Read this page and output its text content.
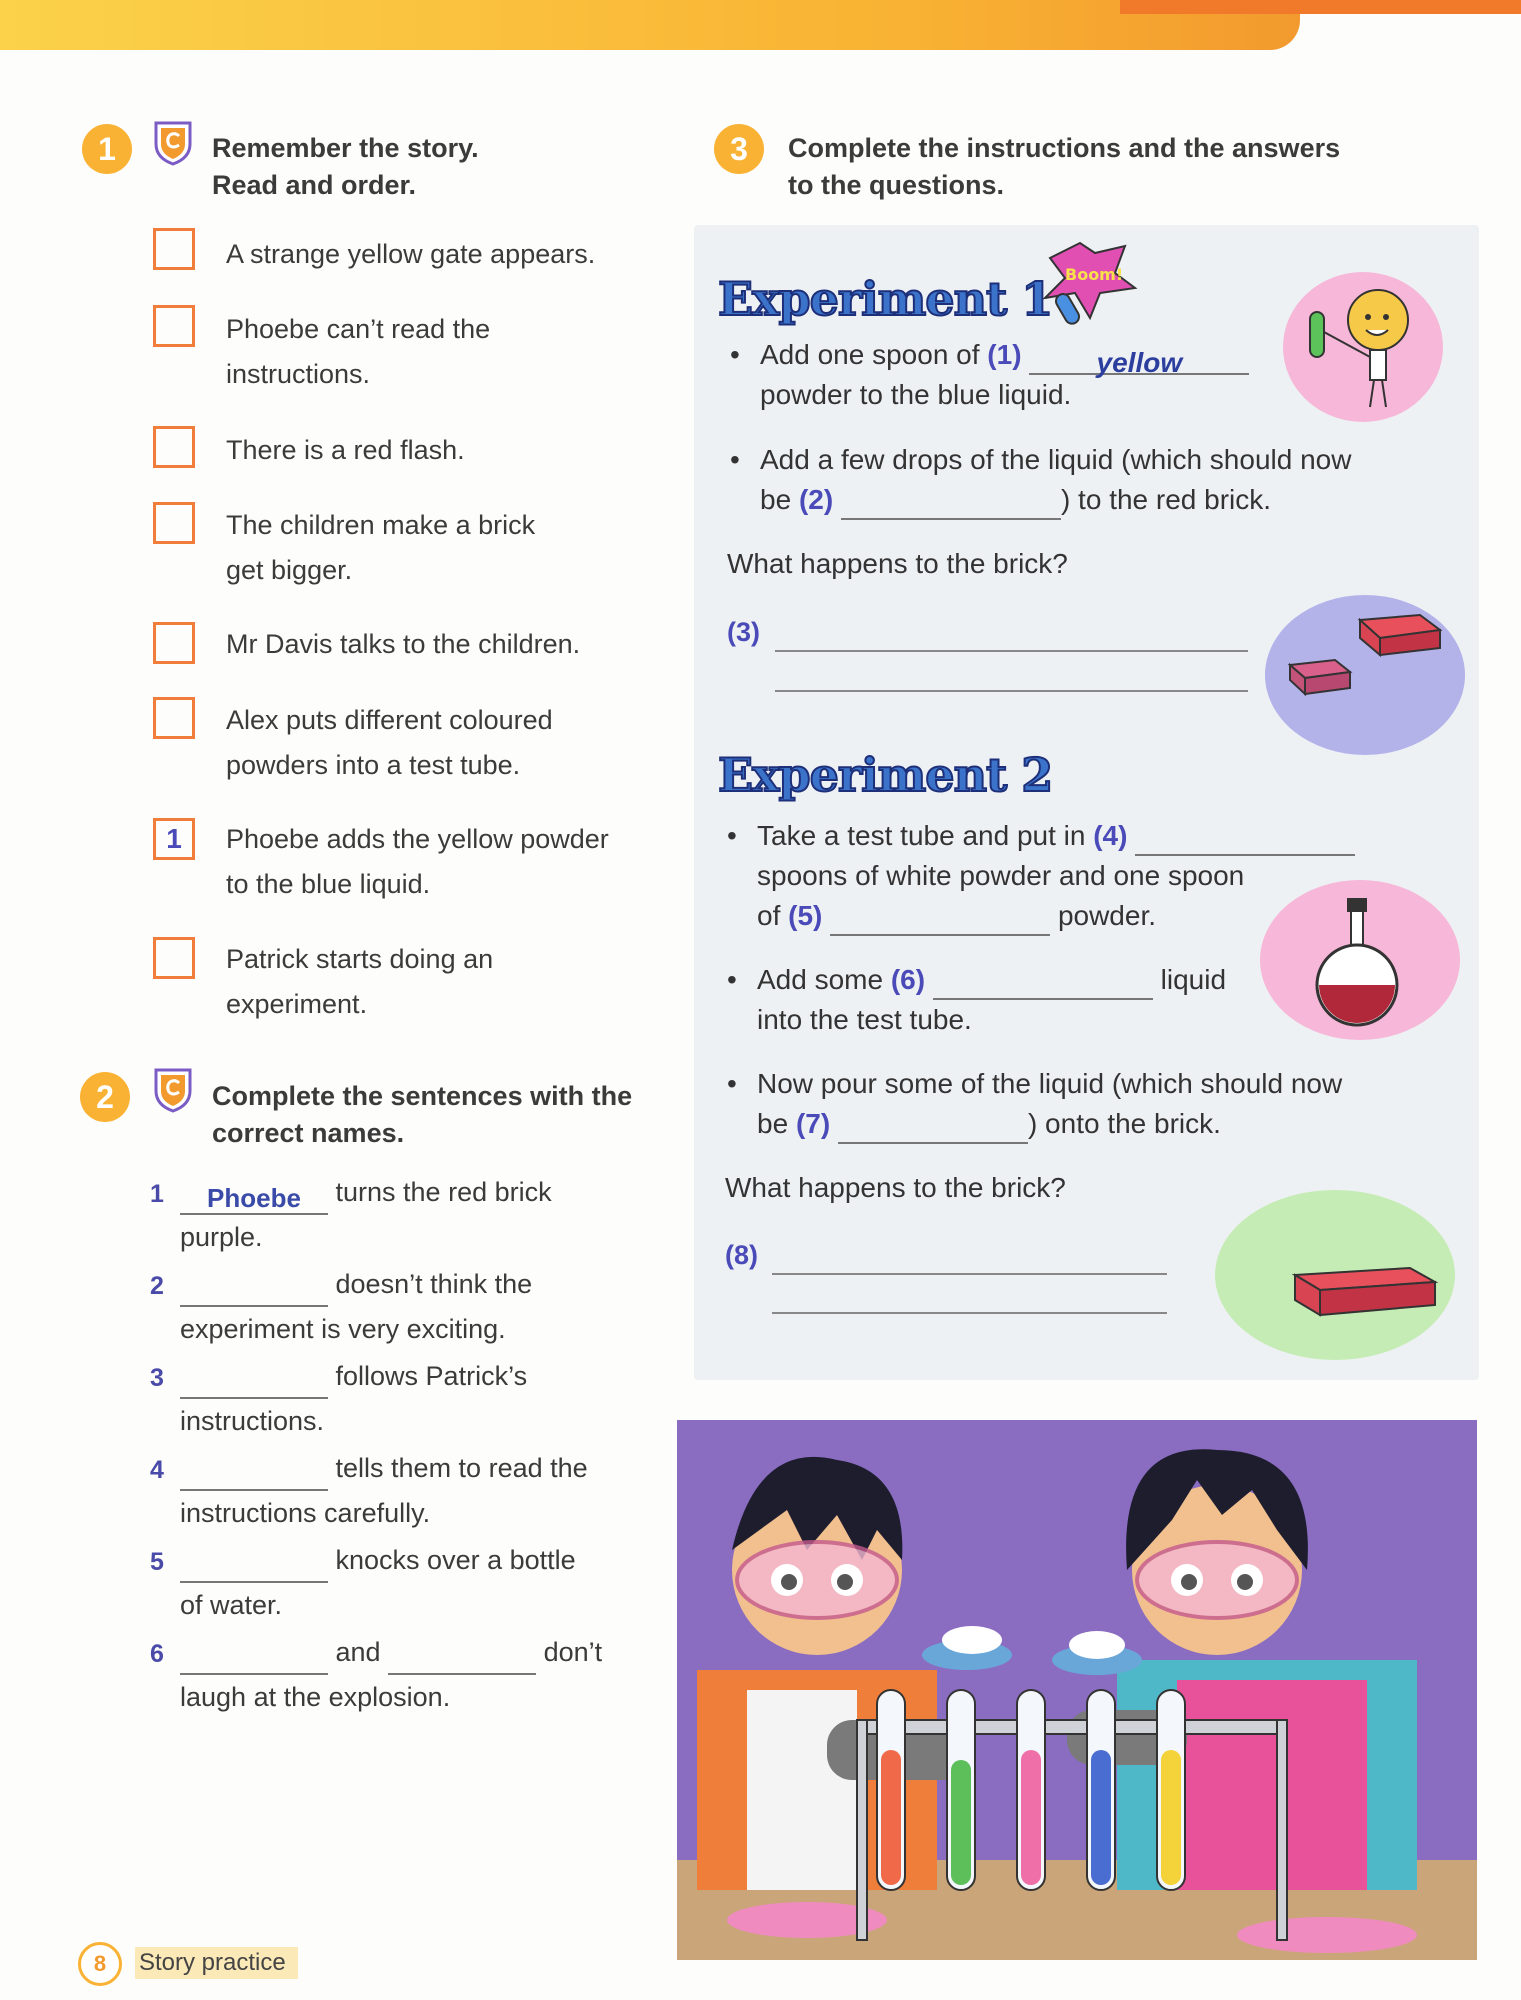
1	Remember the story.
Read and order.
A strange yellow gate appears.
Phoebe can’t read the
instructions.
There is a red flash.
The children make a brick
get bigger.
Mr Davis talks to the children.
Alex puts different coloured
powders into a test tube.
1	Phoebe adds the yellow powder
to the blue liquid.
Patrick starts doing an
experiment.
2	Complete the sentences with the
correct names.
1	Phoebe turns the red brick
purple.
2	doesn’t think the
experiment is very exciting.
3	follows Patrick’s
instructions.
4	tells them to read the
instructions carefully.
5	knocks over a bottle
of water.
6	and	don’t
laugh at the explosion.
3	Complete the instructions and the answers
to the questions.
Boom!
Experiment 1
• Add one spoon of (1)	yellow
powder to the blue liquid.
• Add a few drops of the liquid (which should now
be (2)	) to the red brick.
What happens to the brick?
(3)
Experiment 2
• Take a test tube and put in (4)
spoons of white powder and one spoon
of (5)	powder.
• Add some (6)	liquid
into the test tube.
• Now pour some of the liquid (which should now
be (7)	) onto the brick.
What happens to the brick?
(8)
8	Story practice
